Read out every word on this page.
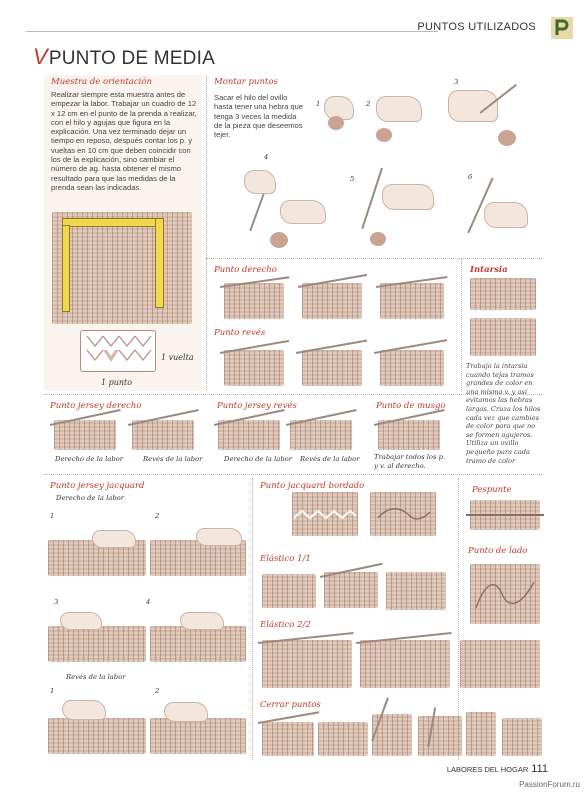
PUNTOS UTILIZADOS
VPUNTO DE MEDIA
Muestra de orientación
Realizar siempre esta muestra antes de empezar la labor. Trabajar un cuadro de 12 x 12 cm en el punto de la prenda a realizar, con el hilo y agujas que figura en la explicación. Una vez terminado dejar un tiempo en reposo, después contar los p. y vueltas en 10 cm que deben coincidir con los de la explicación, sino cambiar el número de ag. hasta obtener el mismo resultado para que las medidas de la prenda sean las indicadas.
1 vuelta
1 punto
Montar puntos
Sacar el hilo del ovillo hasta tener una hebra que tenga 3 veces la medida de la pieza que deseemos tejer.
1	2
3
4
5	6
Punto derecho
Punto revés
Intarsia
Trabajo la intarsia cuando tejas tramos grandes de color en una misma v. y así evitamos las hebras largas. Cruza los hilos cada vez que cambies de color para que no se formen agujeros. Utiliza un ovillo pequeño para cada tramo de color
Punto jersey derecho
Derecho de la labor	Revés de la labor
Punto jersey revés
Derecho de la labor Revés de la labor
Punto de musgo
Trabajar todos los p. y v. al derecho.
Punto jersey jacquard
Derecho de la labor
1	2
3	4
Revés de la labor
1	2
Punto jacquard bordado
Elástico 1/1
Elástico 2/2
Cerrar puntos
Pespunte
Punto de lado
LABORES DEL HOGAR 111
PassionForum.ru
